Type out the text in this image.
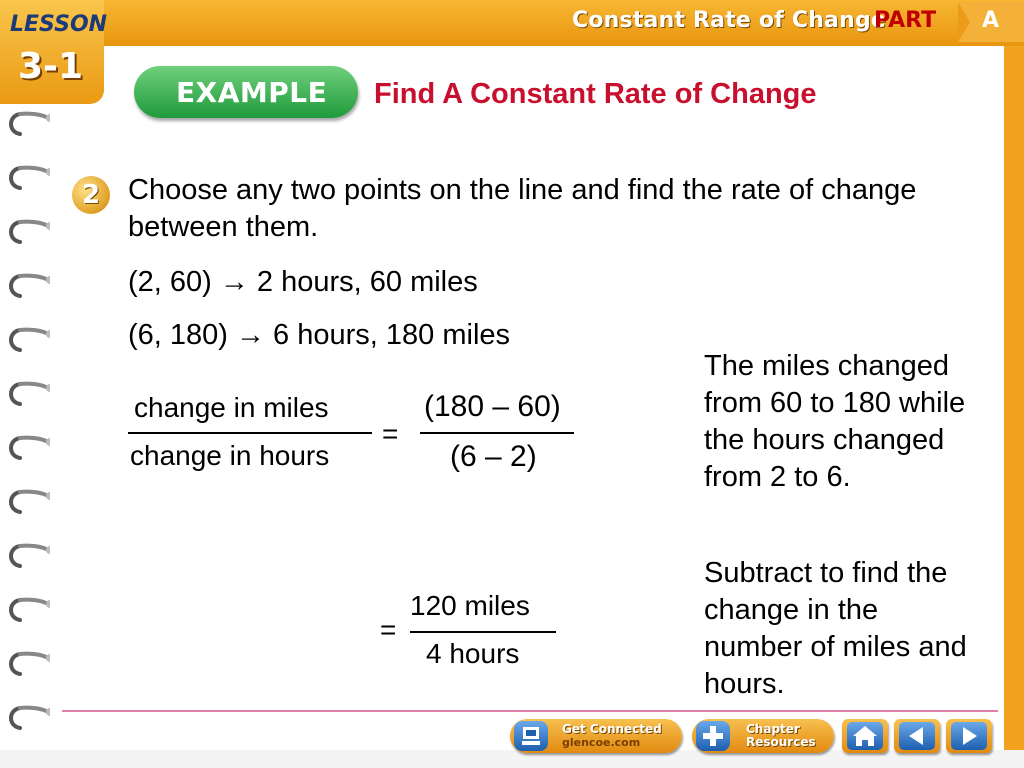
Constant Rate of Change
PART A
LESSON
3-1
EXAMPLE Find A Constant Rate of Change
2 Choose any two points on the line and find the rate of change between them.
(2, 60) → 2 hours, 60 miles
(6, 180) → 6 hours, 180 miles
change in miles
change in hours
=
(180 – 60)
(6 – 2)
=
120 miles
4 hours
The miles changed from 60 to 180 while the hours changed from 2 to 6.
Subtract to find the change in the number of miles and hours.
Get Connected
glencoe.com
Chapter
Resources
